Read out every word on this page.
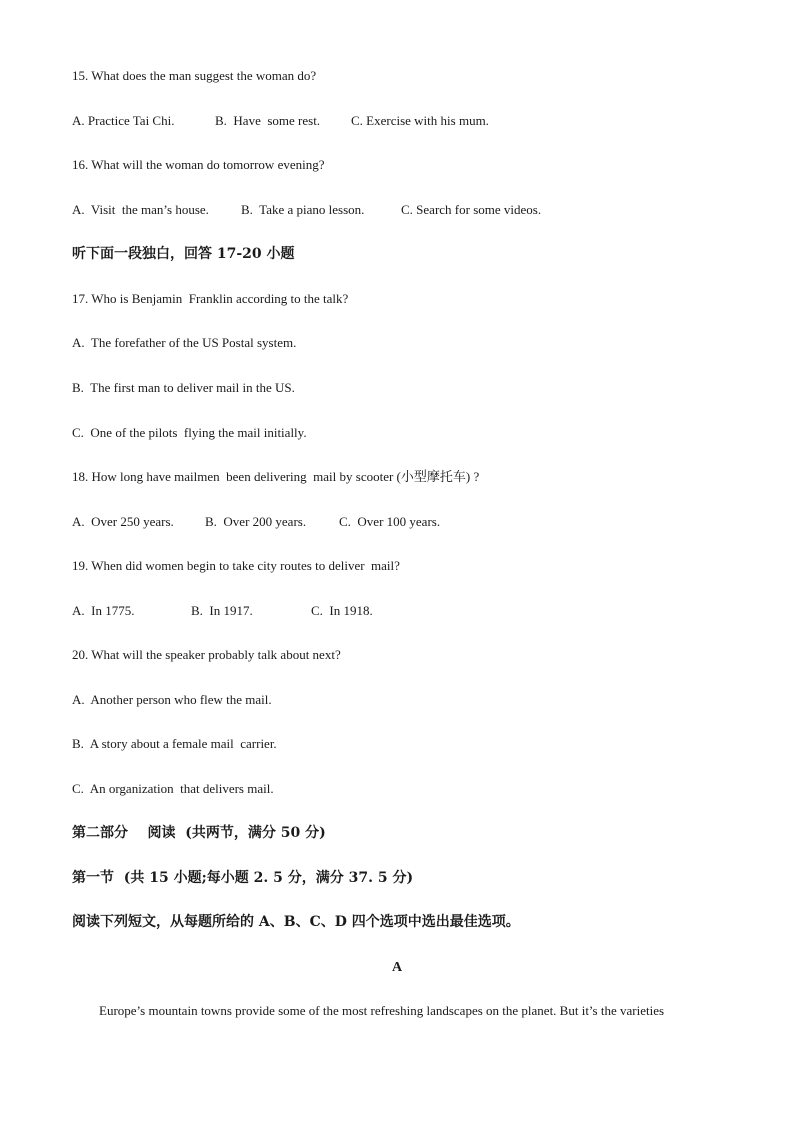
15. What does the man suggest the woman do?
A. Practice Tai Chi.	B.  Have  some rest. C. Exercise with his mum.
16. What will the woman do tomorrow evening?
A.  Visit  the man’s house. B.  Take a piano lesson.	C. Search for some videos.
听下面一段独白，回答 17-20 小题
17. Who is Benjamin  Franklin according to the talk?
A.  The forefather of the US Postal system.
B.  The first man to deliver mail in the US.
C.  One of the pilots  flying the mail initially.
18. How long have mailmen  been delivering  mail by scooter (小型摩托车) ?
A.  Over 250 years. B.  Over 200 years.	C.  Over 100 years.
19. When did women begin to take city routes to deliver  mail?
A.  In 1775.	B.  In 1917.	C.  In 1918.
20. What will the speaker probably talk about next?
A.  Another person who flew the mail.
B.  A story about a female mail  carrier.
C.  An organization  that delivers mail.
第二部分    阅读  (共两节，满分 50 分)
第一节  (共 15 小题;每小题 2. 5 分，满分 37. 5 分)
阅读下列短文，从每题所给的 A、B、C、D 四个选项中选出最佳选项。
A
Europe’s mountain towns provide some of the most refreshing landscapes on the planet. But it’s the varieties
